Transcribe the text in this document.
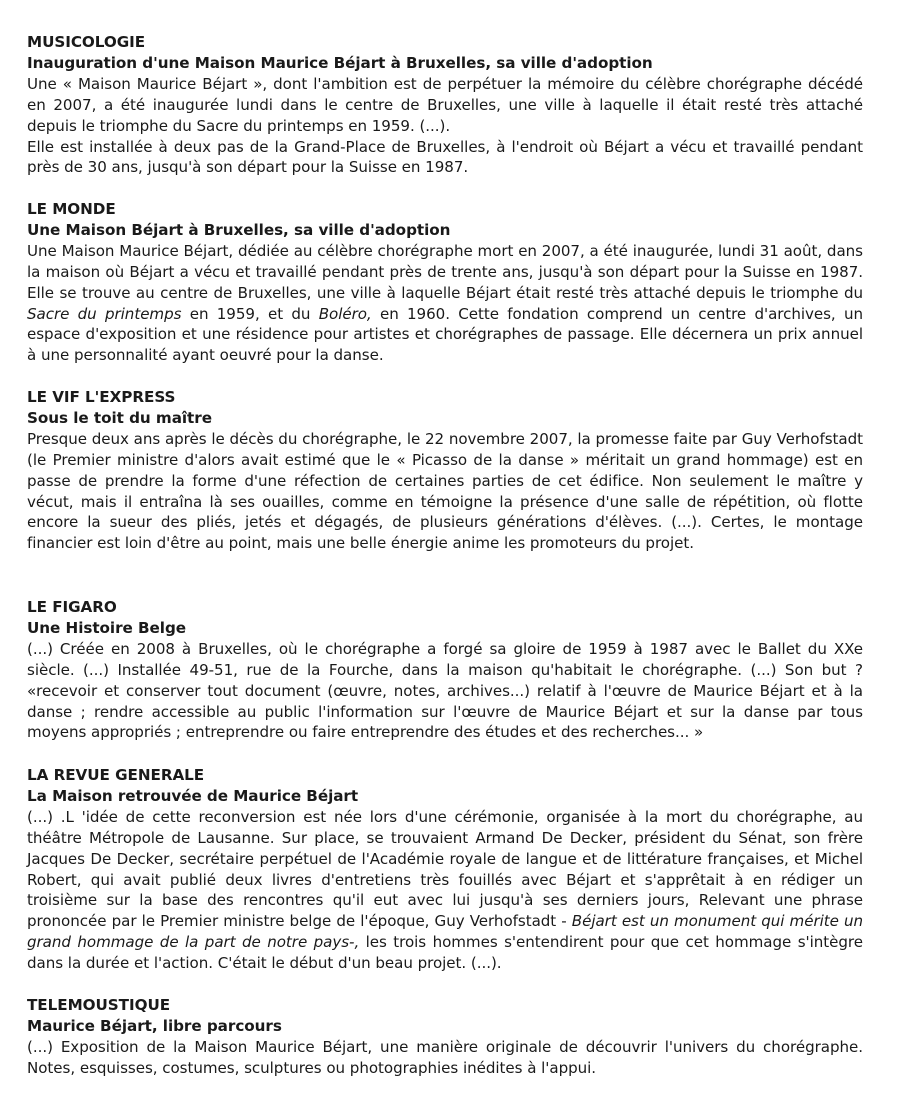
MUSICOLOGIE

Inauguration d'une Maison Maurice Béjart à Bruxelles, sa ville d'adoption

Une « Maison Maurice Béjart », dont l'ambition est de perpétuer la mémoire du célèbre chorégraphe décédé en 2007, a été inaugurée lundi dans le centre de Bruxelles, une ville à laquelle il était resté très attaché depuis le triomphe du Sacre du printemps en 1959. (...).

Elle est installée à deux pas de la Grand-Place de Bruxelles, à l'endroit où Béjart a vécu et travaillé pendant près de 30 ans, jusqu'à son départ pour la Suisse en 1987.

LE MONDE

Une Maison Béjart à Bruxelles, sa ville d'adoption

Une Maison Maurice Béjart, dédiée au célèbre chorégraphe mort en 2007, a été inaugurée, lundi 31 août, dans la maison où Béjart a vécu et travaillé pendant près de trente ans, jusqu'à son départ pour la Suisse en 1987. Elle se trouve au centre de Bruxelles, une ville à laquelle Béjart était resté très attaché depuis le triomphe du Sacre du printemps en 1959, et du Boléro, en 1960. Cette fondation comprend un centre d'archives, un espace d'exposition et une résidence pour artistes et chorégraphes de passage. Elle décernera un prix annuel à une personnalité ayant oeuvré pour la danse.

LE VIF L'EXPRESS

Sous le toit du maître

Presque deux ans après le décès du chorégraphe, le 22 novembre 2007, la promesse faite par Guy Verhofstadt (le Premier ministre d'alors avait estimé que le « Picasso de la danse » méritait un grand hommage) est en passe de prendre la forme d'une réfection de certaines parties de cet édifice. Non seulement le maître y vécut, mais il entraîna là ses ouailles, comme en témoigne la présence d'une salle de répétition, où flotte encore la sueur des pliés, jetés et dégagés, de plusieurs générations d'élèves. (...). Certes, le montage financier est loin d'être au point, mais une belle énergie anime les promoteurs du projet.

LE FIGARO

Une Histoire Belge

(...) Créée en 2008 à Bruxelles, où le chorégraphe a forgé sa gloire de 1959 à 1987 avec le Ballet du XXe siècle. (...) Installée 49-51, rue de la Fourche, dans la maison qu'habitait le chorégraphe. (...) Son but ? «recevoir et conserver tout document (œuvre, notes, archives...) relatif à l'œuvre de Maurice Béjart et à la danse ; rendre accessible au public l'information sur l'œuvre de Maurice Béjart et sur la danse par tous moyens appropriés ; entreprendre ou faire entreprendre des études et des recherches... »

LA REVUE GENERALE

La Maison retrouvée de Maurice Béjart

(...) .L 'idée de cette reconversion est née lors d'une cérémonie, organisée à la mort du chorégraphe, au théâtre Métropole de Lausanne. Sur place, se trouvaient Armand De Decker, président du Sénat, son frère Jacques De Decker, secrétaire perpétuel de l'Académie royale de langue et de littérature françaises, et Michel Robert, qui avait publié deux livres d'entretiens très fouillés avec Béjart et s'apprêtait à en rédiger un troisième sur la base des rencontres qu'il eut avec lui jusqu'à ses derniers jours, Relevant une phrase prononcée par le Premier ministre belge de l'époque, Guy Verhofstadt - Béjart est un monument qui mérite un grand hommage de la part de notre pays-, les trois hommes s'entendirent pour que cet hommage s'intègre dans la durée et l'action. C'était le début d'un beau projet. (...).

TELEMOUSTIQUE

Maurice Béjart, libre parcours

(...) Exposition de la Maison Maurice Béjart, une manière originale de découvrir l'univers du chorégraphe. Notes, esquisses, costumes, sculptures ou photographies inédites à l'appui.
